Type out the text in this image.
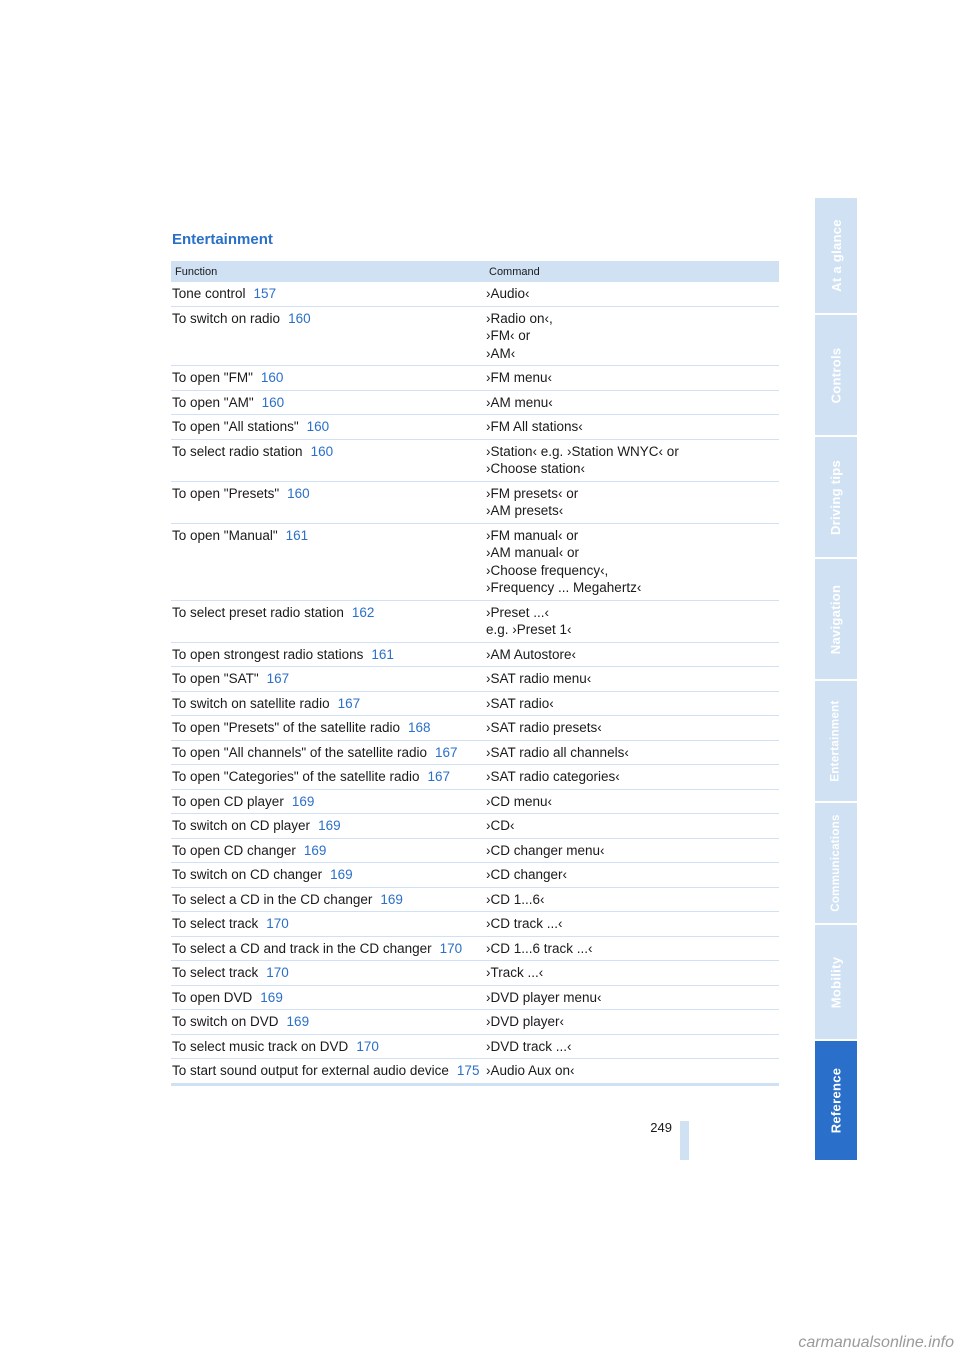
Entertainment
Function	Command
Tone control 157	›Audio‹
To switch on radio 160	›Radio on‹,
›FM‹ or
›AM‹
To open "FM" 160	›FM menu‹
To open "AM" 160	›AM menu‹
To open "All stations" 160	›FM All stations‹
To select radio station 160	›Station‹ e.g. ›Station WNYC‹ or
›Choose station‹
To open "Presets" 160	›FM presets‹ or
›AM presets‹
To open "Manual" 161	›FM manual‹ or
›AM manual‹ or
›Choose frequency‹,
›Frequency ... Megahertz‹
To select preset radio station 162	›Preset ...‹
e.g. ›Preset 1‹
To open strongest radio stations 161	›AM Autostore‹
To open "SAT" 167	›SAT radio menu‹
To switch on satellite radio 167	›SAT radio‹
To open "Presets" of the satellite radio 168	›SAT radio presets‹
To open "All channels" of the satellite radio 167	›SAT radio all channels‹
To open "Categories" of the satellite radio 167	›SAT radio categories‹
To open CD player 169	›CD menu‹
To switch on CD player 169	›CD‹
To open CD changer 169	›CD changer menu‹
To switch on CD changer 169	›CD changer‹
To select a CD in the CD changer 169	›CD 1...6‹
To select track 170	›CD track ...‹
To select a CD and track in the CD changer 170	›CD 1...6 track ...‹
To select track 170	›Track ...‹
To open DVD 169	›DVD player menu‹
To switch on DVD 169	›DVD player‹
To select music track on DVD 170	›DVD track ...‹
To start sound output for external audio device 175 ›Audio Aux on‹
At a glance
Controls
Driving tips
Navigation
Entertainment
Communications
Mobility
Reference
249
carmanualsonline.info
